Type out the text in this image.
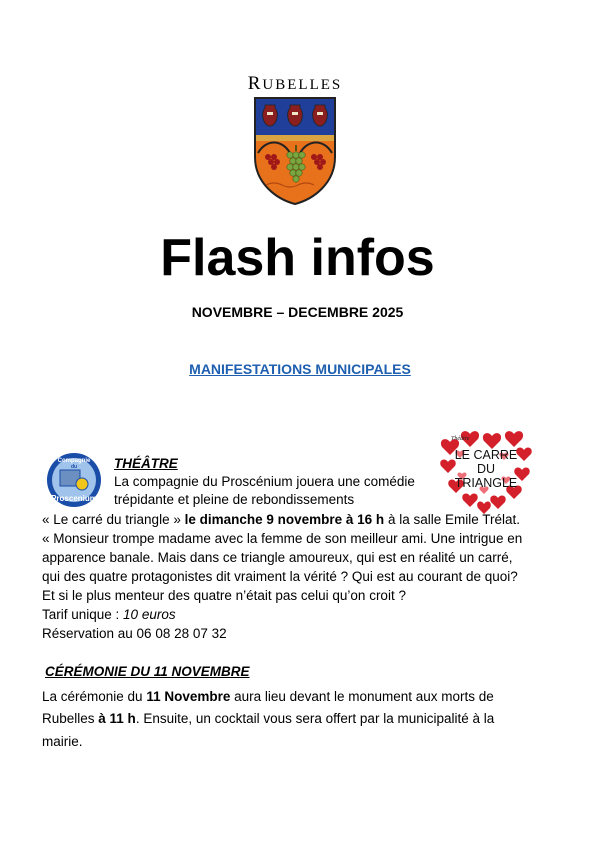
RUBELLES
Flash infos
NOVEMBRE – DECEMBRE 2025
MANIFESTATIONS MUNICIPALES
Compagnie
du
Proscenium
Théâtre
LE CARRE
DU
TRIANGLE
THÉÂTRE
La compagnie du Proscénium jouera une comédie
trépidante et pleine de rebondissements
« Le carré du triangle » le dimanche 9 novembre à 16 h à la salle Emile Trélat.
« Monsieur trompe madame avec la femme de son meilleur ami. Une intrigue en
apparence banale. Mais dans ce triangle amoureux, qui est en réalité un carré,
qui des quatre protagonistes dit vraiment la vérité ? Qui est au courant de quoi?
Et si le plus menteur des quatre n’était pas celui qu’on croit ?
Tarif unique : 10 euros
Réservation au 06 08 28 07 32
CÉRÉMONIE DU 11 NOVEMBRE
La cérémonie du 11 Novembre aura lieu devant le monument aux morts de
Rubelles à 11 h. Ensuite, un cocktail vous sera offert par la municipalité à la
mairie.
